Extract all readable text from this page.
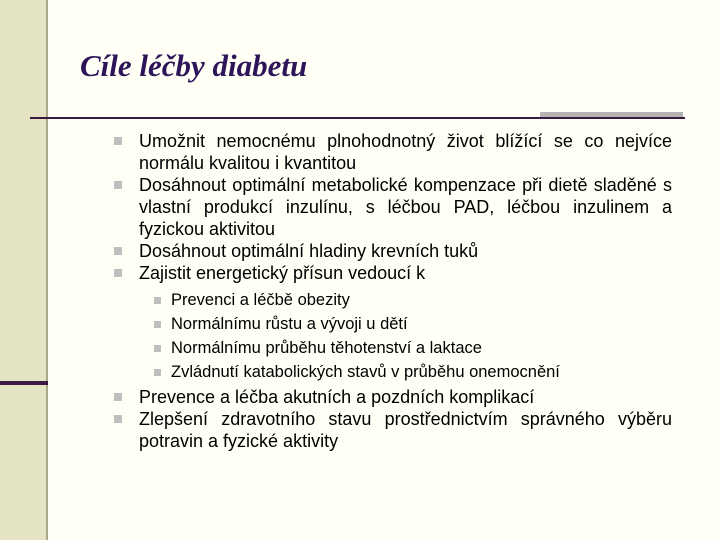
Cíle léčby diabetu

Umožnit nemocnému plnohodnotný život blížící se co nejvíce normálu kvalitou i kvantitou

Dosáhnout optimální metabolické kompenzace při dietě sladěné s vlastní produkcí inzulínu, s léčbou PAD, léčbou inzulinem a fyzickou aktivitou

Dosáhnout optimální hladiny krevních tuků

Zajistit energetický přísun vedoucí k

Prevenci a léčbě obezity

Normálnímu růstu a vývoji u dětí

Normálnímu průběhu těhotenství a laktace

Zvládnutí katabolických stavů v průběhu onemocnění

Prevence a léčba akutních a pozdních komplikací

Zlepšení zdravotního stavu prostřednictvím správného výběru potravin a fyzické aktivity
